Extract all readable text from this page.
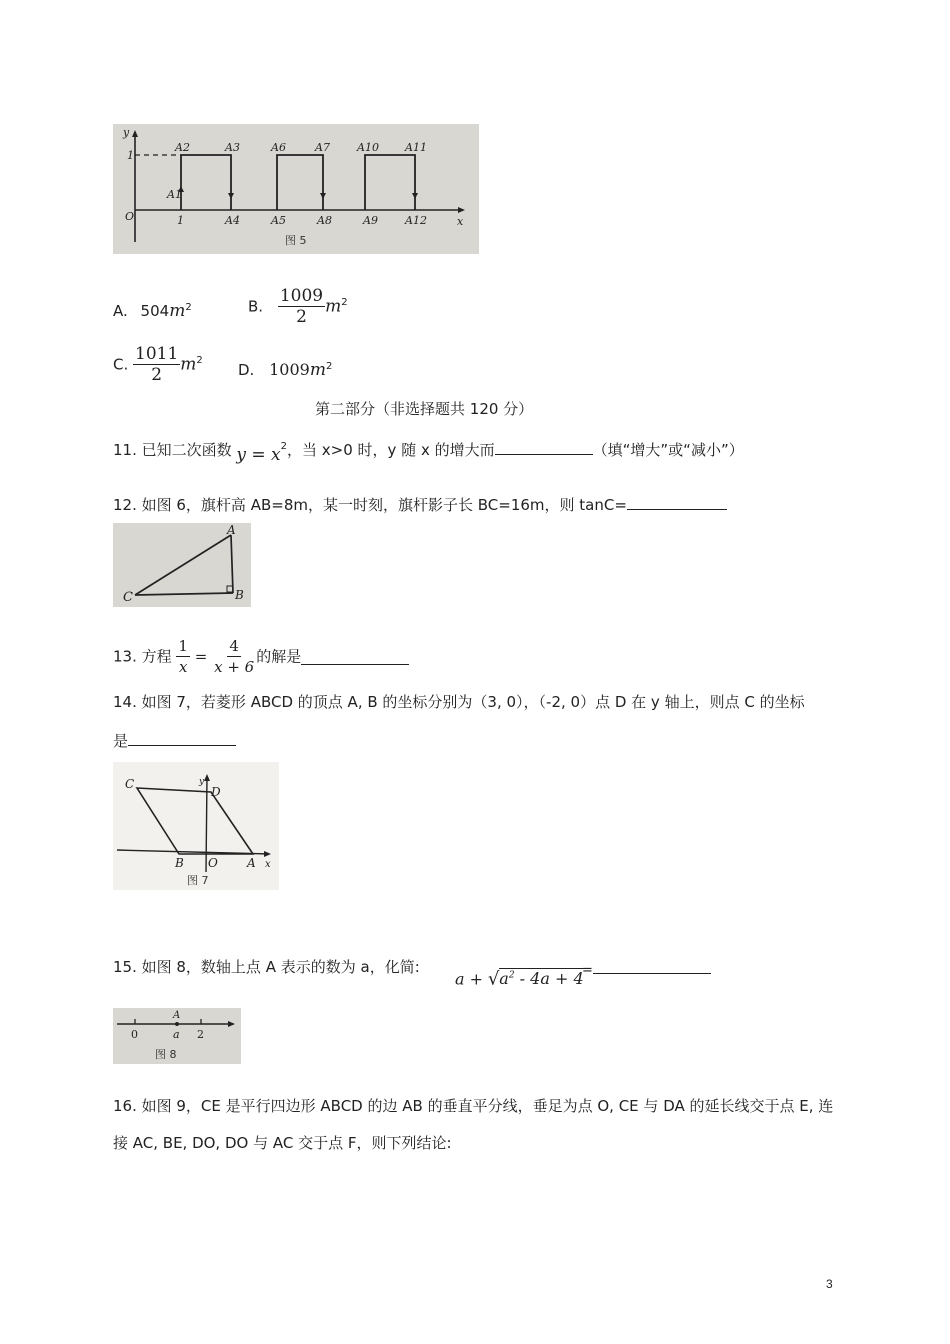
y
x
O
1
1
A1
A2	A3
A4	A5
A6	A7
A8	A9
A10 A11
A12
图 5
A. $504m^2$	B. $\frac{1009}{2} m^2$
C. $\frac{1011}{2} m^2$
D. $1009m^2$
第二部分（非选择题共 120 分）
11. 已知二次函数 $y = x^2$，当 x>0 时，y 随 x 的增大而	（填“增大”或“减小”）
12. 如图 6，旗杆高 AB=8m，某一时刻，旗杆影子长 BC=16m，则 tanC=
A
B
C
13. 方程 $\frac{1}{x} = \frac{4}{x + 6}$ 的解是
14. 如图 7，若菱形 ABCD 的顶点 A, B 的坐标分别为（3, 0），（-2, 0）点 D 在 y 轴上，则点 C 的坐标
是
C
D
y
B O A x
图 7
15. 如图 8，数轴上点 A 表示的数为 a，化简:
$a + √a^2 - 4a + 4$
=
A
0	a 2
图 8
16. 如图 9，CE 是平行四边形 ABCD 的边 AB 的垂直平分线，垂足为点 O, CE 与 DA 的延长线交于点 E, 连
接 AC, BE, DO, DO 与 AC 交于点 F，则下列结论:
3
